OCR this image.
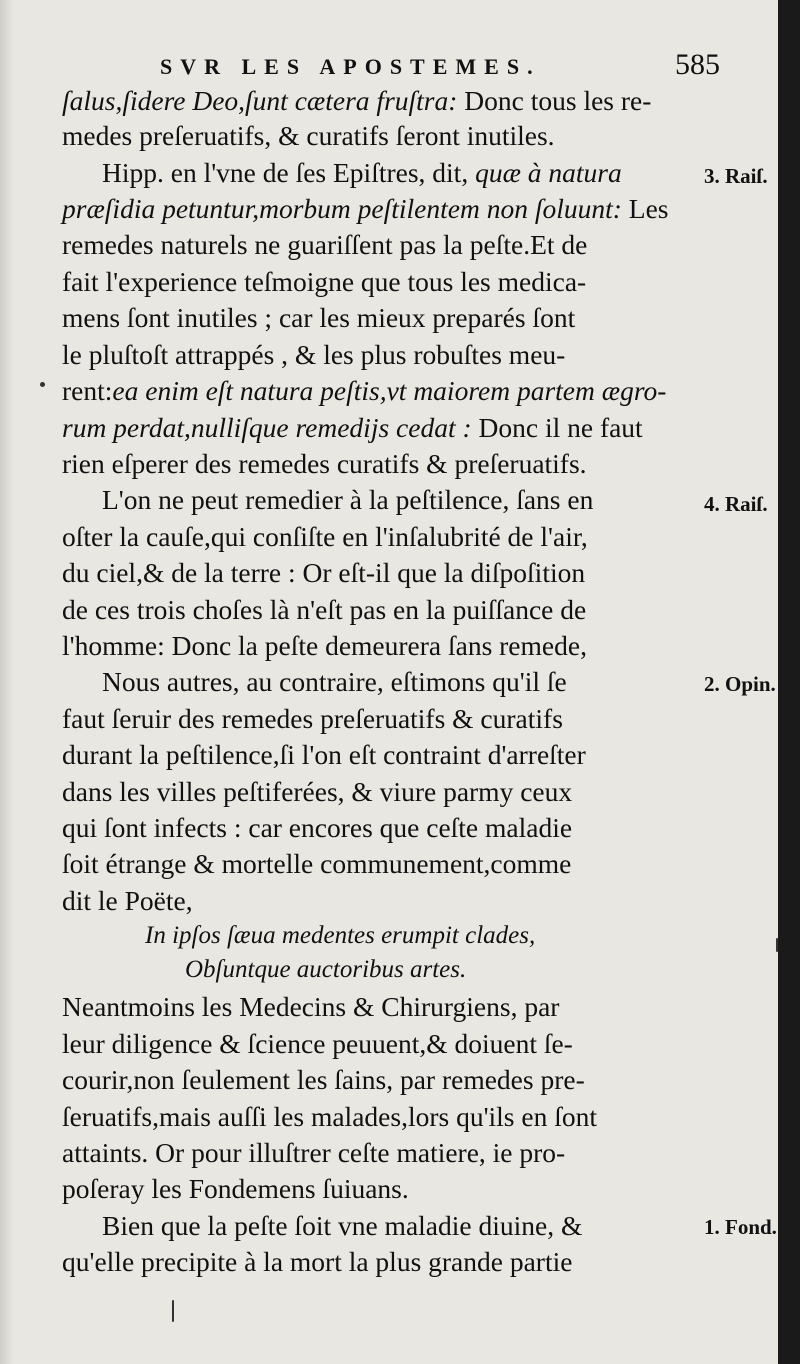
SVR LES APOSTEMES.	585
ſalus,ſidere Deo,ſunt cætera fruſtra: Donc tous les re-
medes preſeruatifs, & curatifs ſeront inutiles.
Hipp. en l'vne de ſes Epiſtres, dit, quæ à natura
præſidia petuntur,morbum peſtilentem non ſoluunt: Les
remedes naturels ne guariſſent pas la peſte.Et de
fait l'experience teſmoigne que tous les medica-
mens ſont inutiles ; car les mieux preparés ſont
le pluſtoſt attrappés , & les plus robuſtes meu-
rent:ea enim eſt natura peſtis,vt maiorem partem ægro-
rum perdat,nulliſque remedijs cedat : Donc il ne faut
rien eſperer des remedes curatifs & preſeruatifs.
L'on ne peut remedier à la peſtilence, ſans en
oſter la cauſe,qui conſiſte en l'inſalubrité de l'air,
du ciel,& de la terre : Or eſt-il que la diſpoſition
de ces trois choſes là n'eſt pas en la puiſſance de
l'homme: Donc la peſte demeurera ſans remede,
Nous autres, au contraire, eſtimons qu'il ſe
faut ſeruir des remedes preſeruatifs & curatifs
durant la peſtilence,ſi l'on eſt contraint d'arreſter
dans les villes peſtiferées, & viure parmy ceux
qui ſont infects : car encores que ceſte maladie
ſoit étrange & mortelle communement,comme
dit le Poëte,
In ipſos ſæua medentes erumpit clades,
Obſuntque auctoribus artes.
Neantmoins les Medecins & Chirurgiens, par
leur diligence & ſcience peuuent,& doiuent ſe-
courir,non ſeulement les ſains, par remedes pre-
ſeruatifs,mais auſſi les malades,lors qu'ils en ſont
attaints. Or pour illuſtrer ceſte matiere, ie pro-
poſeray les Fondemens ſuiuans.
Bien que la peſte ſoit vne maladie diuine, &
qu'elle precipite à la mort la plus grande partie
3. Raiſ.
4. Raiſ.
2. Opin.
1. Fond.
